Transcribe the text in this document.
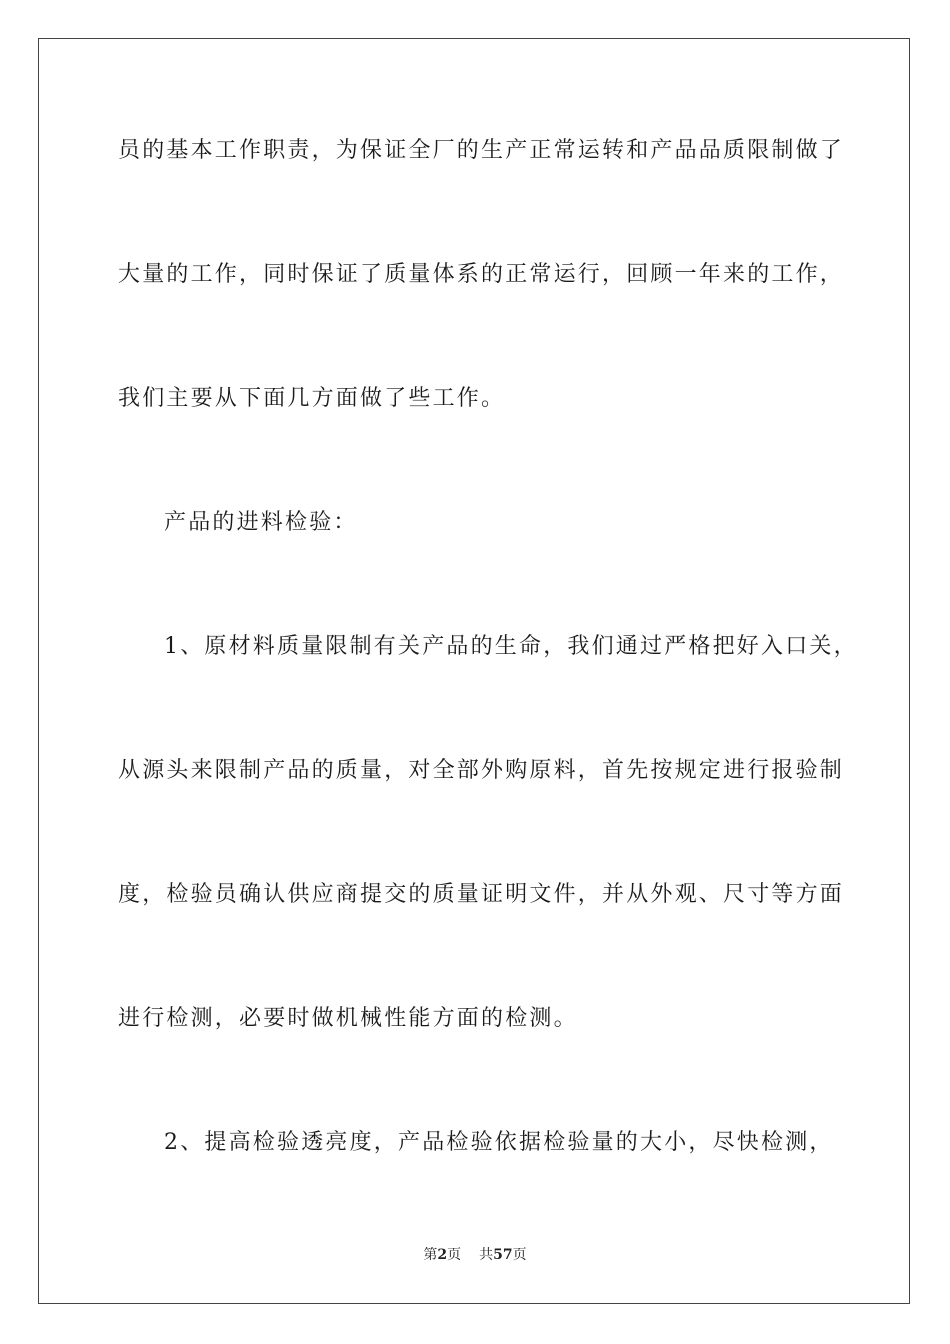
员的基本工作职责，为保证全厂的生产正常运转和产品品质限制做了
大量的工作，同时保证了质量体系的正常运行，回顾一年来的工作，
我们主要从下面几方面做了些工作。
产品的进料检验：
1、原材料质量限制有关产品的生命，我们通过严格把好入口关，
从源头来限制产品的质量，对全部外购原料，首先按规定进行报验制
度，检验员确认供应商提交的质量证明文件，并从外观、尺寸等方面
进行检测，必要时做机械性能方面的检测。
2、提高检验透亮度，产品检验依据检验量的大小，尽快检测，
第2页 共57页
